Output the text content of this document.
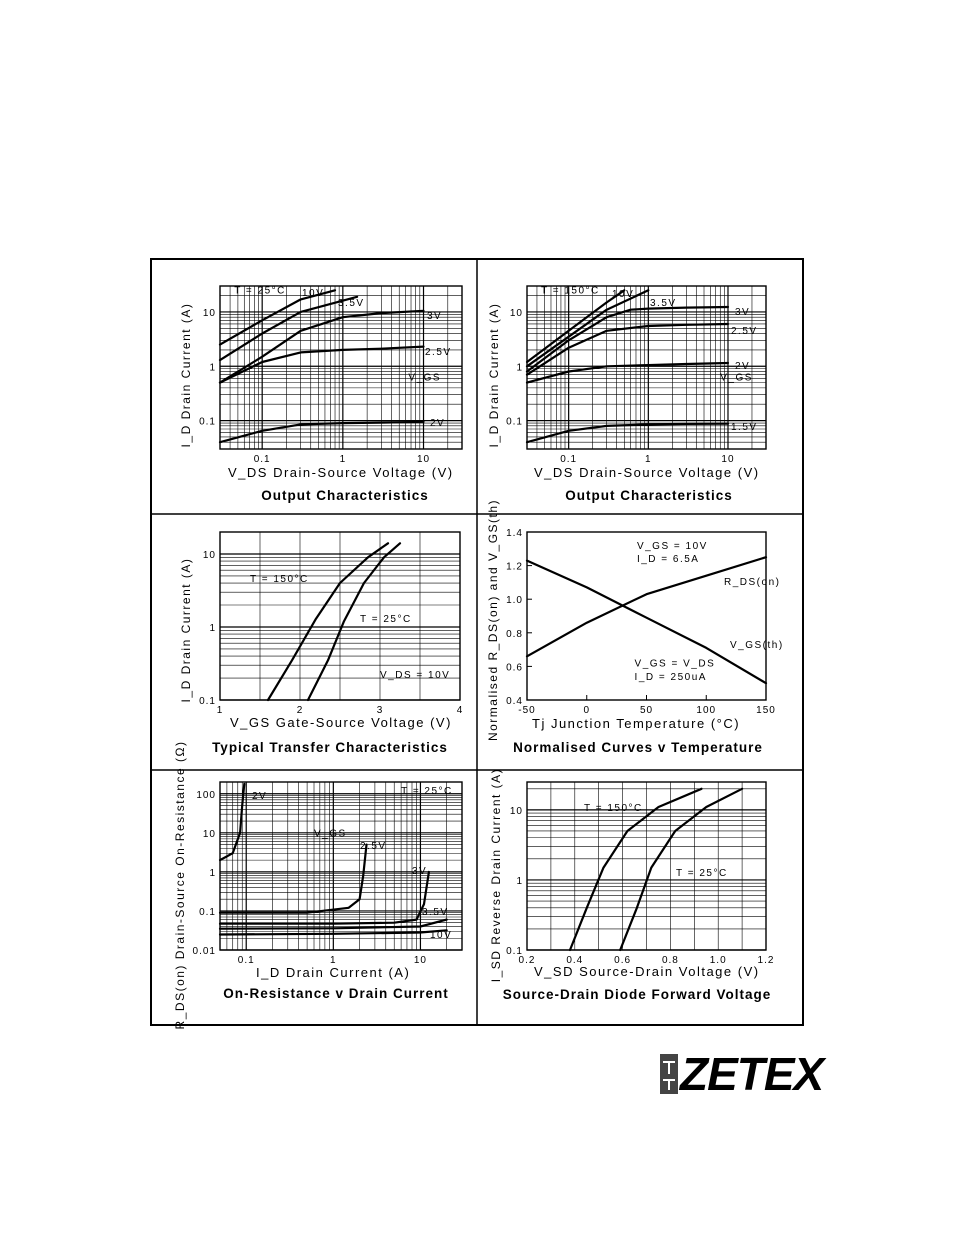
0.1	1	10
0.1
1
10
10V
3.5V
3V
2.5V
2V
T = 25°C
V_GS
V_DS Drain-Source Voltage (V)
I_D Drain Current (A)
Output Characteristics
0.1	1	10
0.1
1
10
10V
3.5V
3V
2.5V
2V
1.5V
T = 150°C
V_GS
V_DS Drain-Source Voltage (V)
I_D Drain Current (A)
Output Characteristics
1	2	3	4
0.1
1
10
T = 150°C
T = 25°C
V_DS = 10V
V_GS Gate-Source Voltage (V)
I_D Drain Current (A)
Typical Transfer Characteristics
-50	0	50	100	150
0.4
0.6
0.8
1.0
1.2
1.4
R_DS(on)
V_GS(th)
V_GS = 10V
I_D = 6.5A
V_GS = V_DS
I_D = 250uA
Tj Junction Temperature (°C)
Normalised R_DS(on) and V_GS(th)
Normalised Curves v Temperature
0.1	1	10
0.01
0.1
1
10
100	2V
2.5V
3V
3.5V
10V
T = 25°C
V_GS
I_D Drain Current (A)
R_DS(on) Drain-Source On-Resistance (Ω)	On-Resistance v Drain Current
0.2	0.4	0.6	0.8	1.0	1.2
0.1
1
10	T = 150°C
T = 25°C
V_SD Source-Drain Voltage (V)
I_SD Reverse Drain Current (A)
Source-Drain Diode Forward Voltage
ZETEX
